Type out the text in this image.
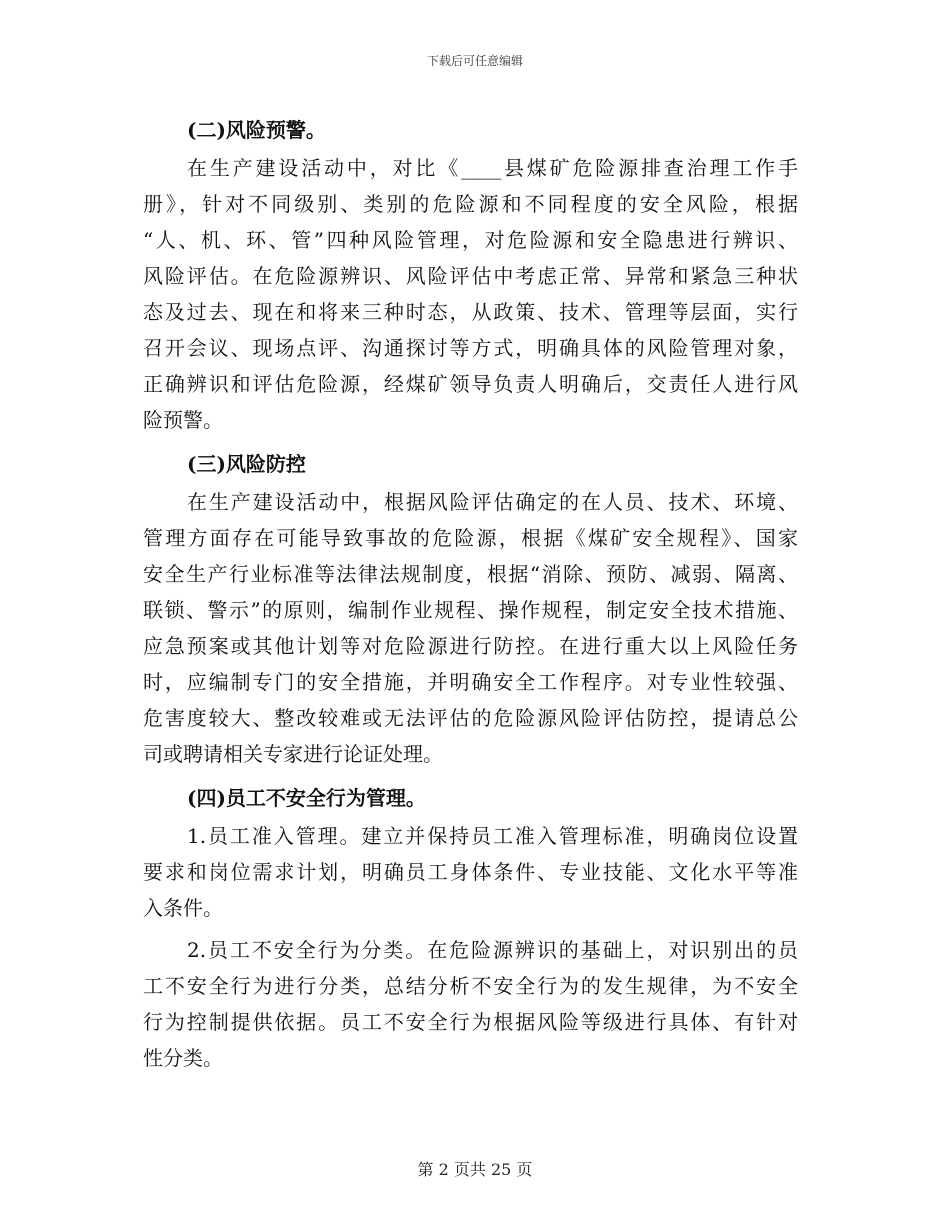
下载后可任意编辑
(二)风险预警。
在生产建设活动中，对比《____县煤矿危险源排查治理工作手
册》，针对不同级别、类别的危险源和不同程度的安全风险，根据
“人、机、环、管”四种风险管理，对危险源和安全隐患进行辨识、
风险评估。在危险源辨识、风险评估中考虑正常、异常和紧急三种状
态及过去、现在和将来三种时态，从政策、技术、管理等层面，实行
召开会议、现场点评、沟通探讨等方式，明确具体的风险管理对象，
正确辨识和评估危险源，经煤矿领导负责人明确后，交责任人进行风
险预警。
(三)风险防控
在生产建设活动中，根据风险评估确定的在人员、技术、环境、
管理方面存在可能导致事故的危险源，根据《煤矿安全规程》、国家
安全生产行业标准等法律法规制度，根据“消除、预防、减弱、隔离、
联锁、警示”的原则，编制作业规程、操作规程，制定安全技术措施、
应急预案或其他计划等对危险源进行防控。在进行重大以上风险任务
时，应编制专门的安全措施，并明确安全工作程序。对专业性较强、
危害度较大、整改较难或无法评估的危险源风险评估防控，提请总公
司或聘请相关专家进行论证处理。
(四)员工不安全行为管理。
1.员工准入管理。建立并保持员工准入管理标准，明确岗位设置
要求和岗位需求计划，明确员工身体条件、专业技能、文化水平等准
入条件。
2.员工不安全行为分类。在危险源辨识的基础上，对识别出的员
工不安全行为进行分类，总结分析不安全行为的发生规律，为不安全
行为控制提供依据。员工不安全行为根据风险等级进行具体、有针对
性分类。
第 2 页共 25 页
